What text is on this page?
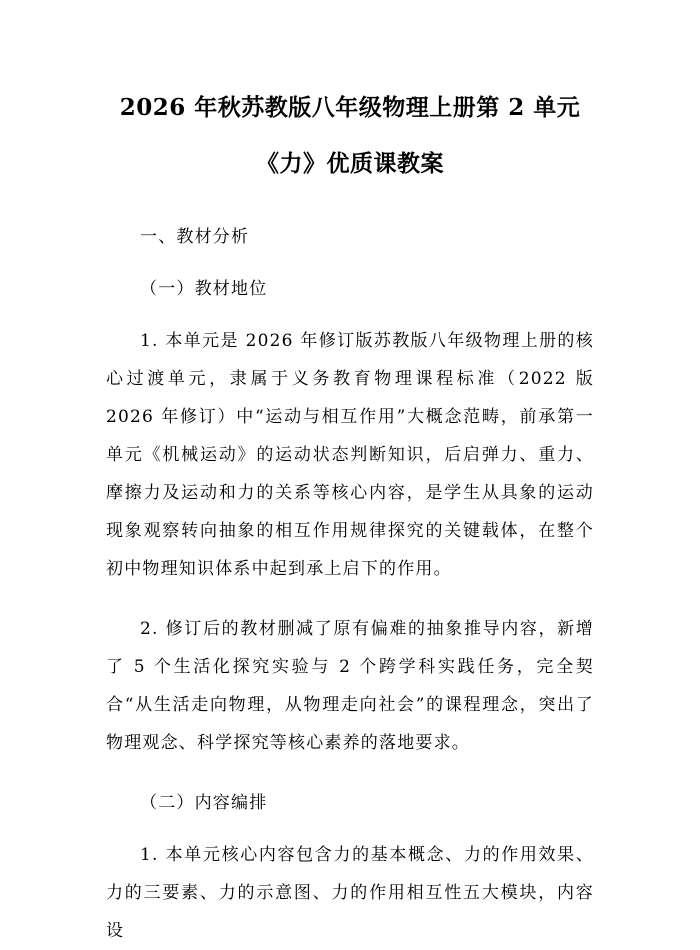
2026 年秋苏教版八年级物理上册第 2 单元
《力》优质课教案

一、教材分析

（一）教材地位

1. 本单元是 2026 年修订版苏教版八年级物理上册的核心过渡单元，隶属于义务教育物理课程标准（2022 版 2026 年修订）中“运动与相互作用”大概念范畴，前承第一单元《机械运动》的运动状态判断知识，后启弹力、重力、摩擦力及运动和力的关系等核心内容，是学生从具象的运动现象观察转向抽象的相互作用规律探究的关键载体，在整个初中物理知识体系中起到承上启下的作用。

2. 修订后的教材删减了原有偏难的抽象推导内容，新增了 5 个生活化探究实验与 2 个跨学科实践任务，完全契合“从生活走向物理，从物理走向社会”的课程理念，突出了物理观念、科学探究等核心素养的落地要求。

（二）内容编排

1. 本单元核心内容包含力的基本概念、力的作用效果、力的三要素、力的示意图、力的作用相互性五大模块，内容设
